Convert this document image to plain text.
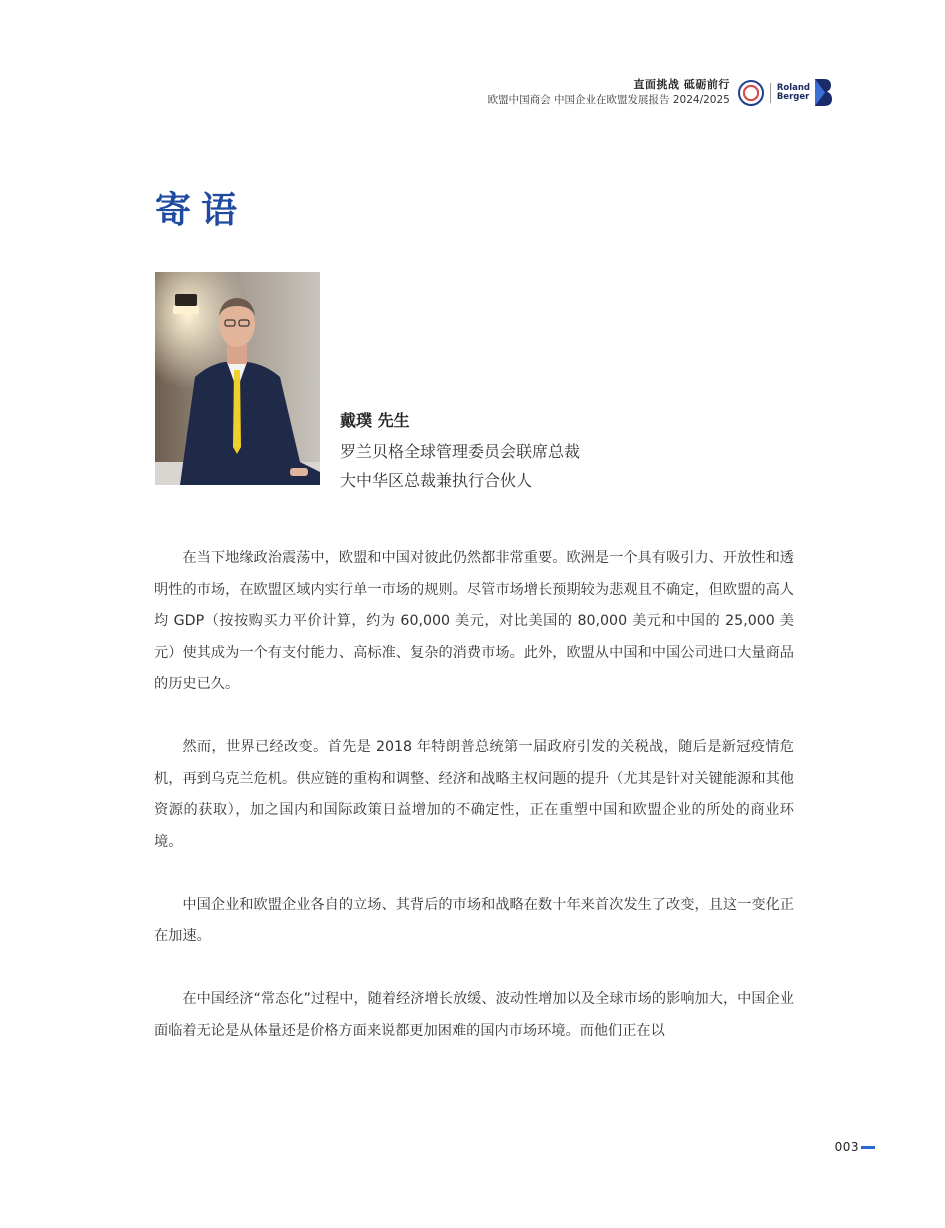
直面挑战 砥砺前行
欧盟中国商会 中国企业在欧盟发展报告 2024/2025
Roland
Berger
寄语
戴璞 先生
罗兰贝格全球管理委员会联席总裁
大中华区总裁兼执行合伙人

在当下地缘政治震荡中，欧盟和中国对彼此仍然都非常重要。欧洲是一个具有吸引力、开放性和透明性的市场，在欧盟区域内实行单一市场的规则。尽管市场增长预期较为悲观且不确定，但欧盟的高人均 GDP（按按购买力平价计算，约为 60,000 美元，对比美国的 80,000 美元和中国的 25,000 美元）使其成为一个有支付能力、高标准、复杂的消费市场。此外，欧盟从中国和中国公司进口大量商品的历史已久。

然而，世界已经改变。首先是 2018 年特朗普总统第一届政府引发的关税战，随后是新冠疫情危机，再到乌克兰危机。供应链的重构和调整、经济和战略主权问题的提升（尤其是针对关键能源和其他资源的获取），加之国内和国际政策日益增加的不确定性，正在重塑中国和欧盟企业的所处的商业环境。

中国企业和欧盟企业各自的立场、其背后的市场和战略在数十年来首次发生了改变，且这一变化正在加速。

在中国经济“常态化”过程中，随着经济增长放缓、波动性增加以及全球市场的影响加大，中国企业面临着无论是从体量还是价格方面来说都更加困难的国内市场环境。而他们正在以

003
